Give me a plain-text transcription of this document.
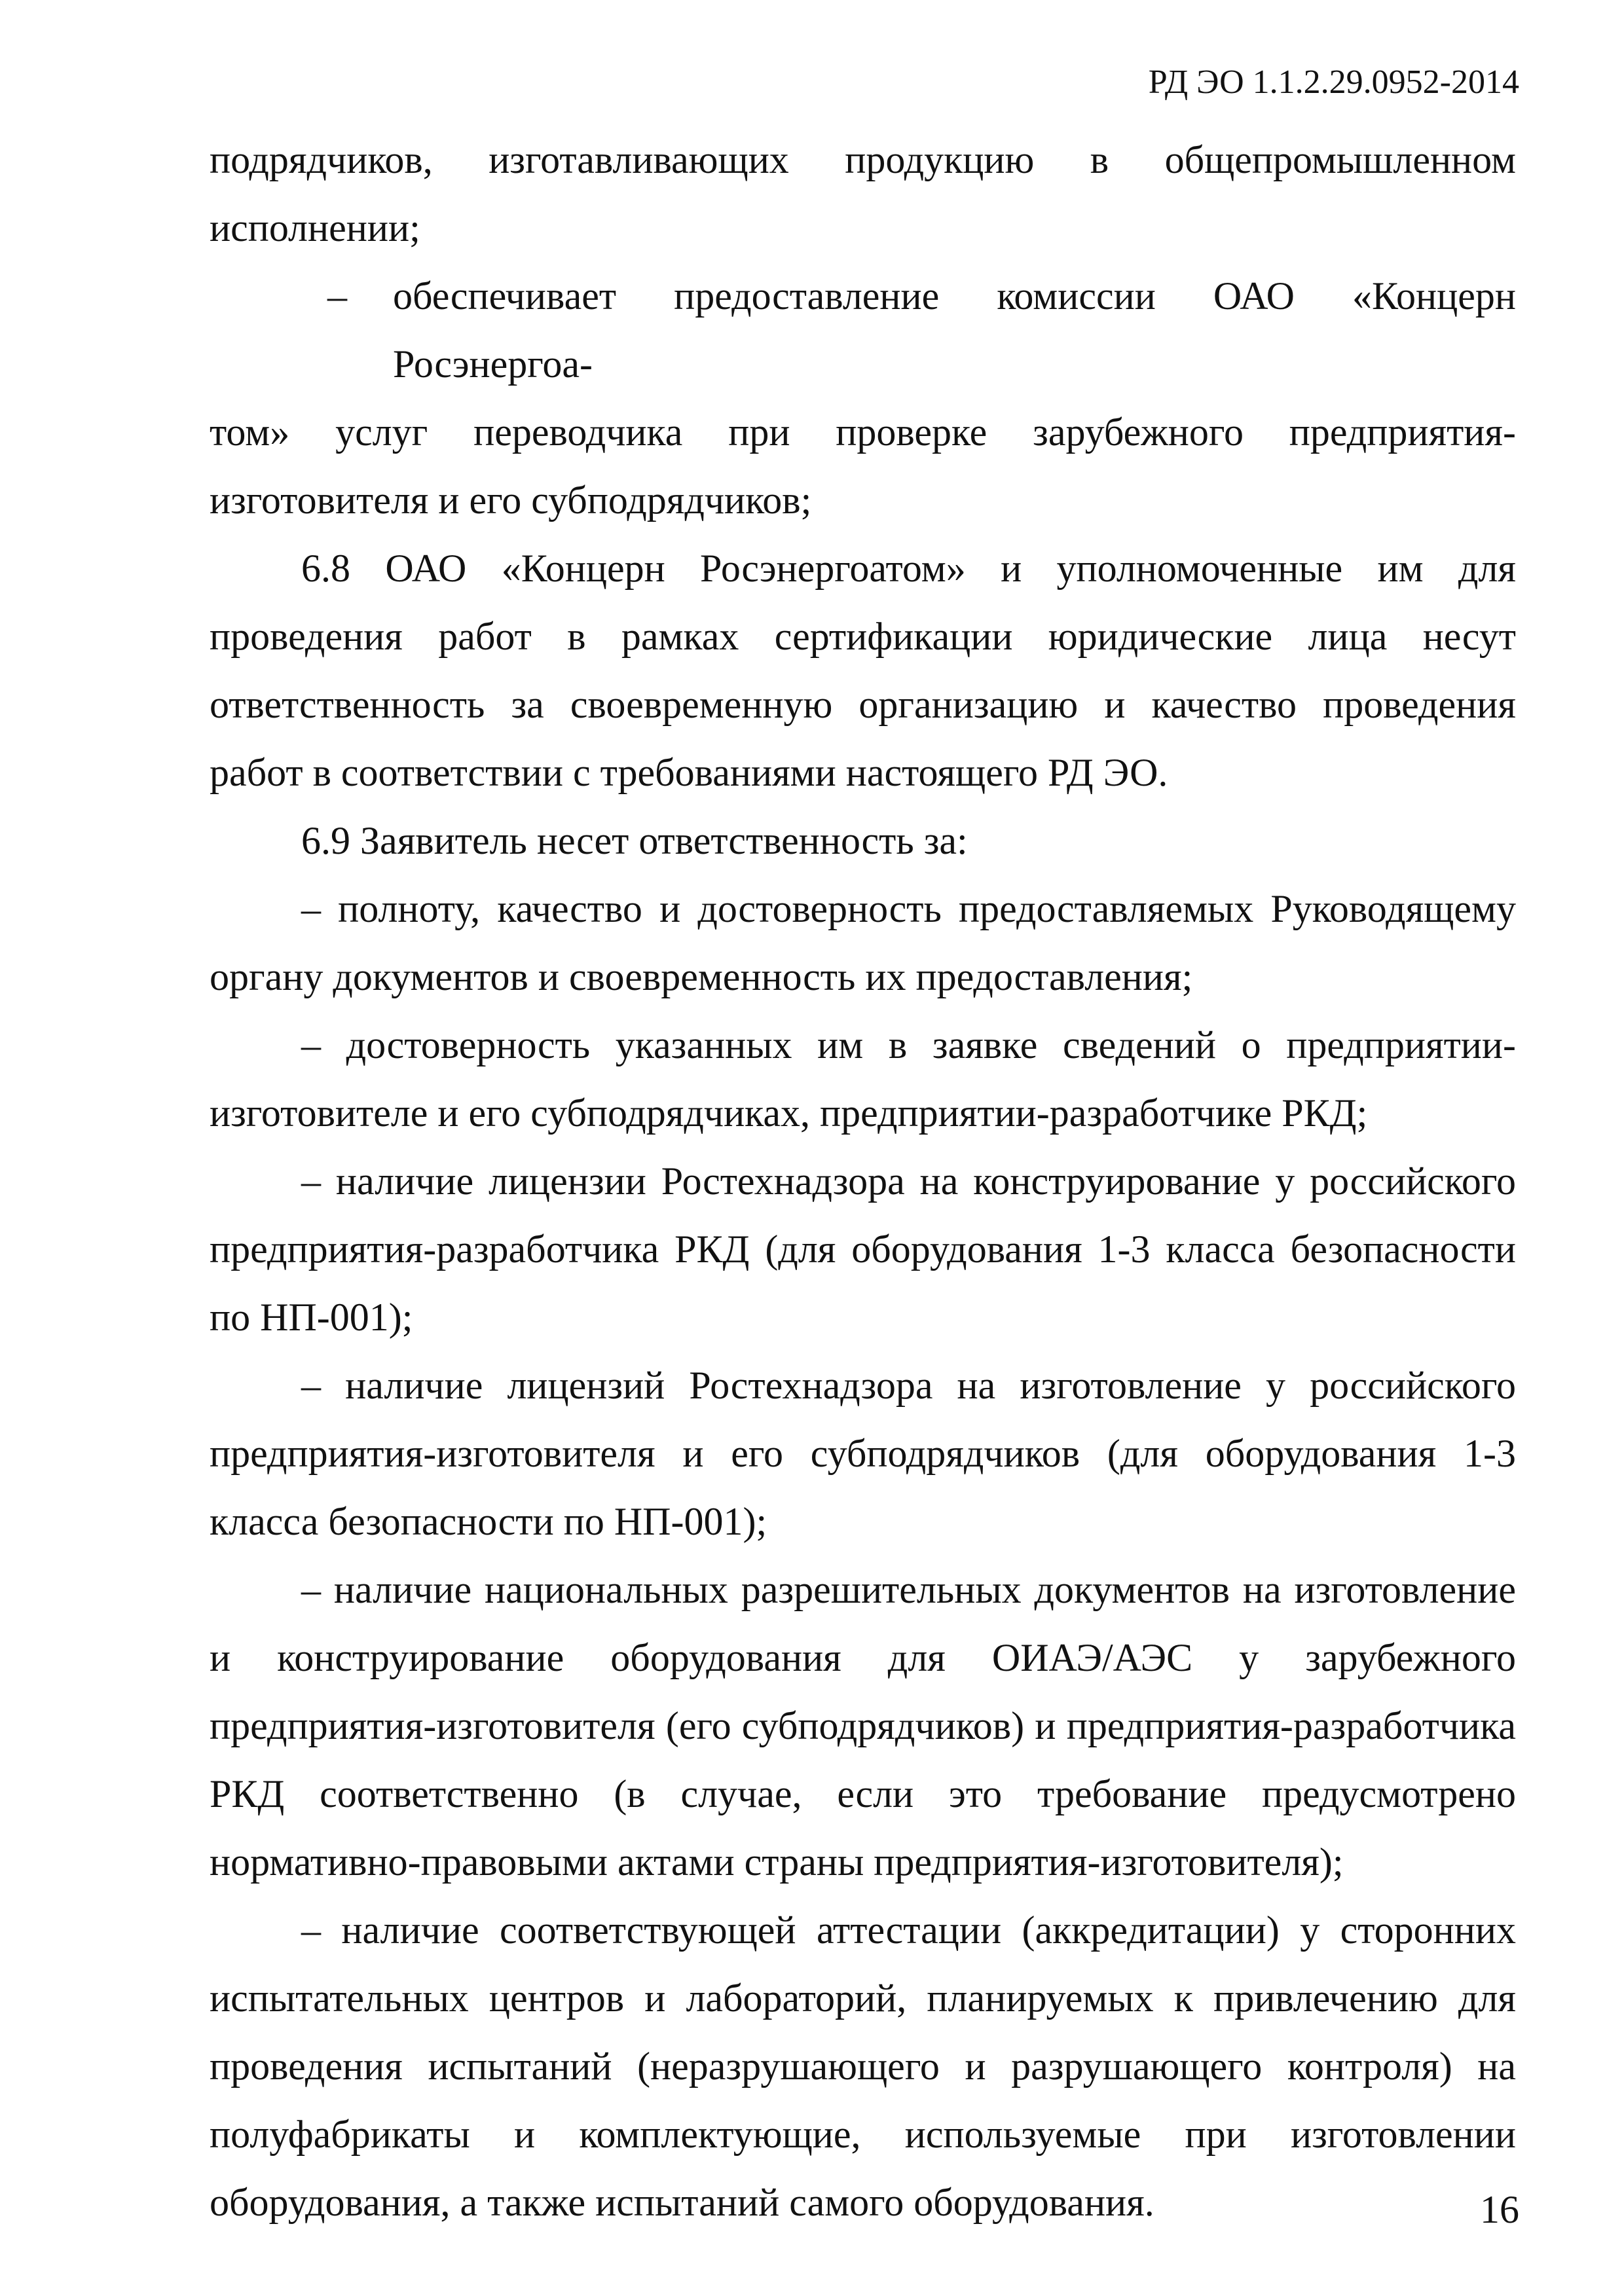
РД ЭО 1.1.2.29.0952-2014

подрядчиков, изготавливающих продукцию в общепромышленном исполнении;

–	обеспечивает предоставление комиссии ОАО «Концерн Росэнергоа-

том» услуг переводчика при проверке зарубежного предприятия-изготовителя и его субподрядчиков;

6.8 ОАО «Концерн Росэнергоатом» и уполномоченные им для проведения работ в рамках сертификации юридические лица несут ответственность за своевременную организацию и качество проведения работ в соответствии с требованиями настоящего РД ЭО.

6.9 Заявитель несет ответственность за:

– полноту, качество и достоверность предоставляемых Руководящему органу документов и своевременность их предоставления;

– достоверность указанных им в заявке сведений о предприятии-изготовителе и его субподрядчиках, предприятии-разработчике РКД;

– наличие лицензии Ростехнадзора на конструирование у российского предприятия-разработчика РКД (для оборудования 1-3 класса безопасности по НП-001);

– наличие лицензий Ростехнадзора на изготовление у российского предприятия-изготовителя и его субподрядчиков (для оборудования 1-3 класса безопасности по НП-001);

– наличие национальных разрешительных документов на изготовление и конструирование оборудования для ОИАЭ/АЭС у зарубежного предприятия-изготовителя (его субподрядчиков) и предприятия-разработчика РКД соответственно (в случае, если это требование предусмотрено нормативно-правовыми актами страны предприятия-изготовителя);

– наличие соответствующей аттестации (аккредитации) у сторонних испытательных центров и лабораторий, планируемых к привлечению для проведения испытаний (неразрушающего и разрушающего контроля) на полуфабрикаты и комплектующие, используемые при изготовлении оборудования, а также испытаний самого оборудования.	16
